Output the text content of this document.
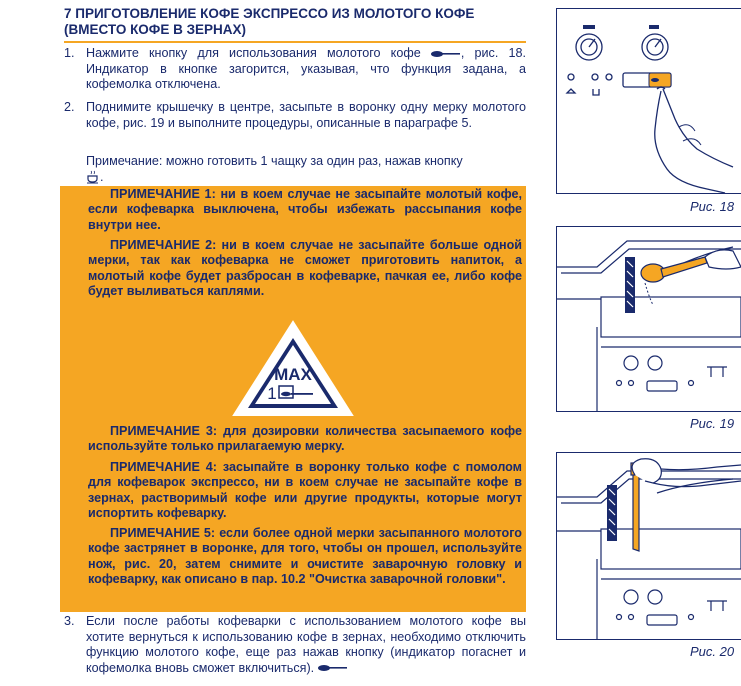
7 ПРИГОТОВЛЕНИЕ КОФЕ ЭКСПРЕССО ИЗ МОЛОТОГО КОФЕ
(ВМЕСТО КОФЕ В ЗЕРНАХ)
1. Нажмите кнопку для использования молотого кофе	, рис. 18. Индикатор в кнопке загорится, указывая, что функция задана, а кофемолка отключена.
2. Поднимите крышечку в центре, засыпьте в воронку одну мерку молотого кофе, рис. 19 и выполните процедуры, описанные в параграфе 5.
Примечание: можно готовить 1 чащку за один раз, нажав кнопку
.
ПРИМЕЧАНИЕ 1: ни в коем случае не засыпайте молотый кофе, если кофеварка выключена, чтобы избежать рассыпания кофе внутри нее.
ПРИМЕЧАНИЕ 2: ни в коем случае не засыпайте больше одной мерки, так как кофеварка не сможет приготовить напиток, а молотый кофе будет разбросан в кофеварке, пачкая ее, либо кофе будет выливаться каплями.
MAX
1
ПРИМЕЧАНИЕ 3: для дозировки количества засыпаемого кофе используйте только прилагаемую мерку.
ПРИМЕЧАНИЕ 4: засыпайте в воронку только кофе с помолом для кофеварок экспрессо, ни в коем случае не засыпайте кофе в зернах, растворимый кофе или другие продукты, которые могут испортить кофеварку.
ПРИМЕЧАНИЕ 5: если более одной мерки засыпанного молотого кофе застрянет в воронке, для того, чтобы он прошел, используйте нож, рис. 20, затем снимите и очистите заварочную головку и кофеварку, как описано в пар. 10.2 "Очистка заварочной головки".
3. Если после работы кофеварки с использованием молотого кофе вы хотите вернуться к использованию кофе в зернах, необходимо отключить функцию молотого кофе, еще раз нажав кнопку (индикатор погаснет и кофемолка вновь сможет включиться).
Рис. 18
Рис. 19
Рис. 20
